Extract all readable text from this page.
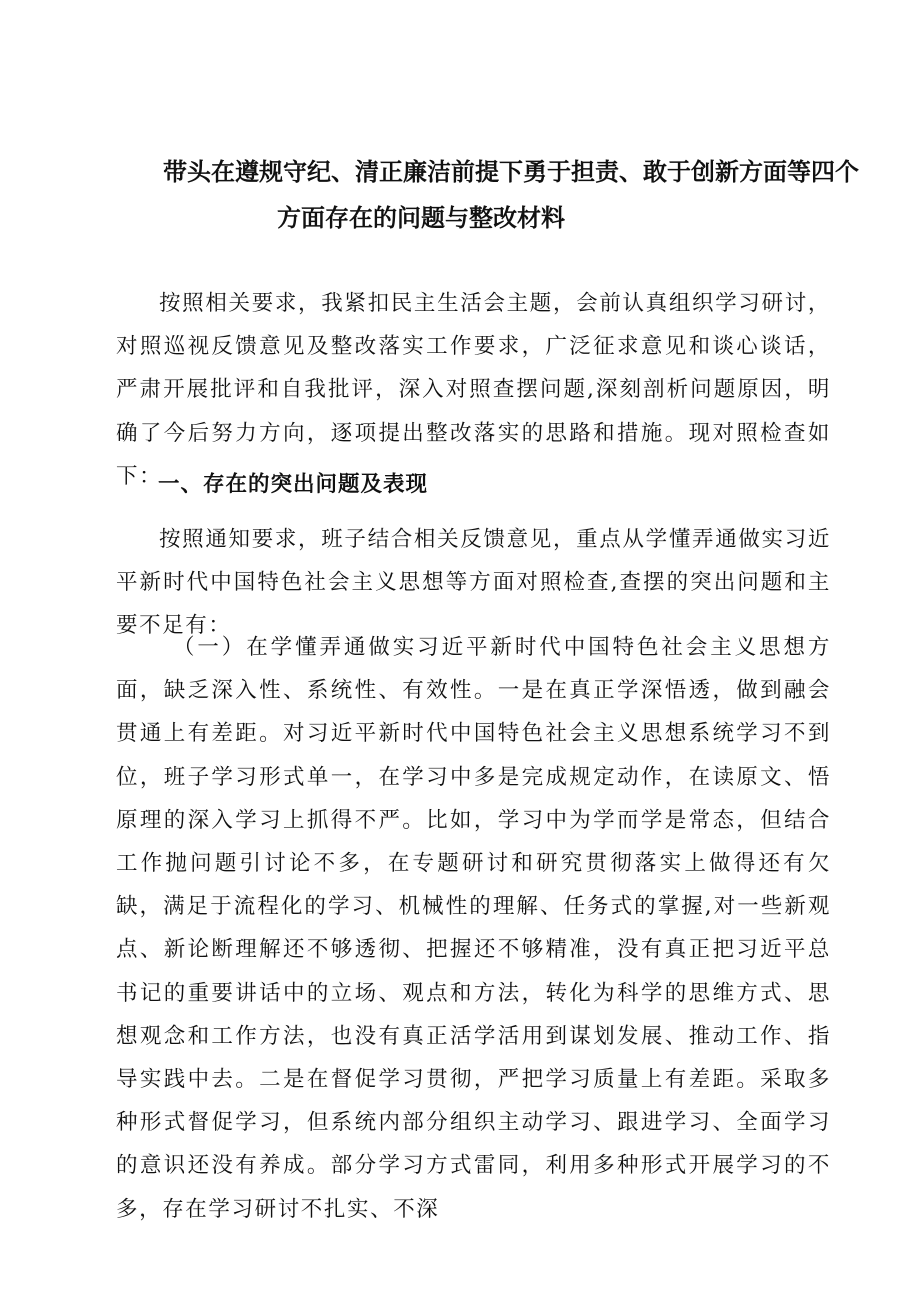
带头在遵规守纪、清正廉洁前提下勇于担责、敢于创新方面等四个
方面存在的问题与整改材料

按照相关要求，我紧扣民主生活会主题，会前认真组织学习研讨，对照巡视反馈意见及整改落实工作要求，广泛征求意见和谈心谈话，严肃开展批评和自我批评，深入对照查摆问题,深刻剖析问题原因，明确了今后努力方向，逐项提出整改落实的思路和措施。现对照检查如下：

一、存在的突出问题及表现

按照通知要求，班子结合相关反馈意见，重点从学懂弄通做实习近平新时代中国特色社会主义思想等方面对照检查,查摆的突出问题和主要不足有：

（一）在学懂弄通做实习近平新时代中国特色社会主义思想方面，缺乏深入性、系统性、有效性。一是在真正学深悟透，做到融会贯通上有差距。对习近平新时代中国特色社会主义思想系统学习不到位，班子学习形式单一，在学习中多是完成规定动作，在读原文、悟原理的深入学习上抓得不严。比如，学习中为学而学是常态，但结合工作抛问题引讨论不多，在专题研讨和研究贯彻落实上做得还有欠缺，满足于流程化的学习、机械性的理解、任务式的掌握,对一些新观点、新论断理解还不够透彻、把握还不够精准，没有真正把习近平总书记的重要讲话中的立场、观点和方法，转化为科学的思维方式、思想观念和工作方法，也没有真正活学活用到谋划发展、推动工作、指导实践中去。二是在督促学习贯彻，严把学习质量上有差距。采取多种形式督促学习，但系统内部分组织主动学习、跟进学习、全面学习的意识还没有养成。部分学习方式雷同，利用多种形式开展学习的不多，存在学习研讨不扎实、不深
